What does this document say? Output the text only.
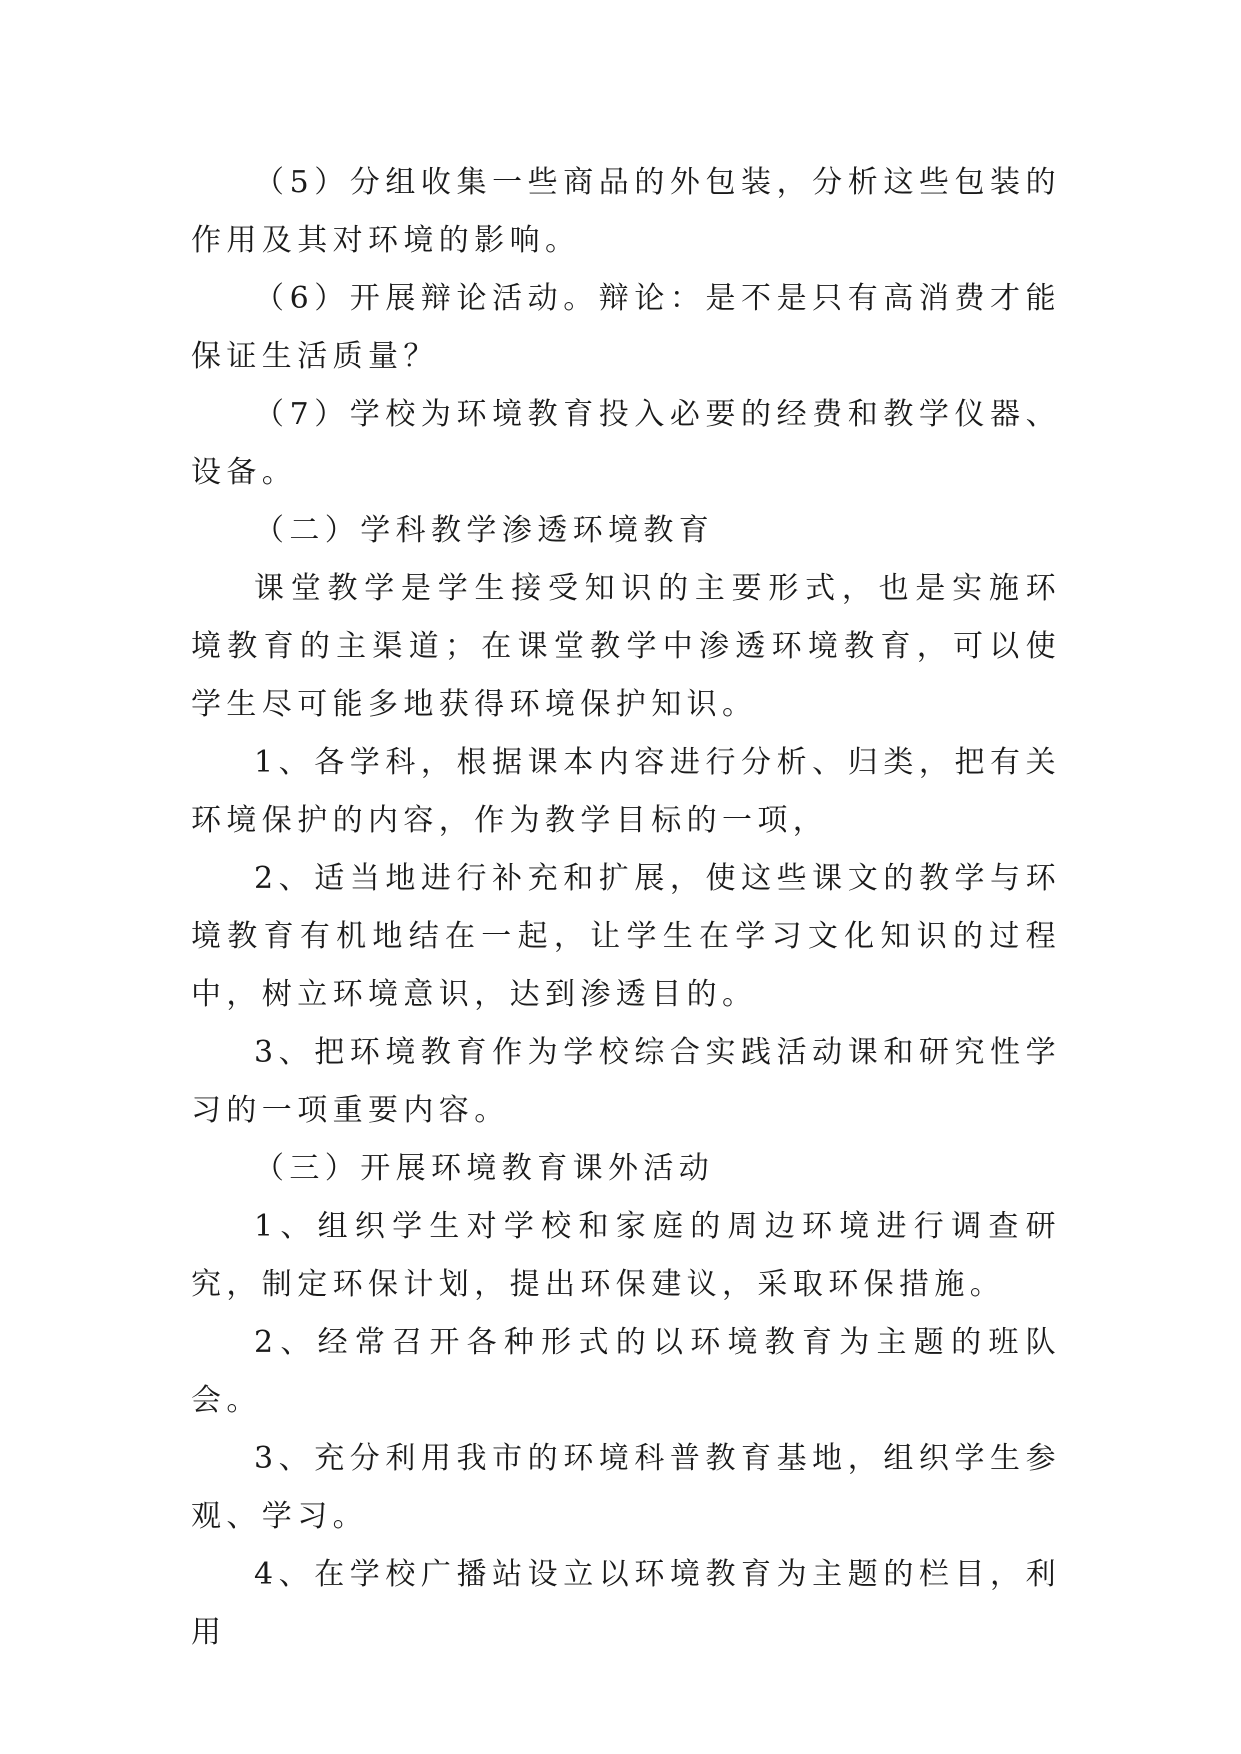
（5）分组收集一些商品的外包装，分析这些包装的作用及其对环境的影响。

（6）开展辩论活动。辩论：是不是只有高消费才能保证生活质量？

（7）学校为环境教育投入必要的经费和教学仪器、设备。

（二）学科教学渗透环境教育

课堂教学是学生接受知识的主要形式，也是实施环境教育的主渠道；在课堂教学中渗透环境教育，可以使学生尽可能多地获得环境保护知识。

1、各学科，根据课本内容进行分析、归类，把有关环境保护的内容，作为教学目标的一项，

2、适当地进行补充和扩展，使这些课文的教学与环境教育有机地结在一起，让学生在学习文化知识的过程中，树立环境意识，达到渗透目的。

3、把环境教育作为学校综合实践活动课和研究性学习的一项重要内容。

（三）开展环境教育课外活动

1、组织学生对学校和家庭的周边环境进行调查研究，制定环保计划，提出环保建议，采取环保措施。

2、经常召开各种形式的以环境教育为主题的班队会。

3、充分利用我市的环境科普教育基地，组织学生参观、学习。

4、在学校广播站设立以环境教育为主题的栏目，利用
